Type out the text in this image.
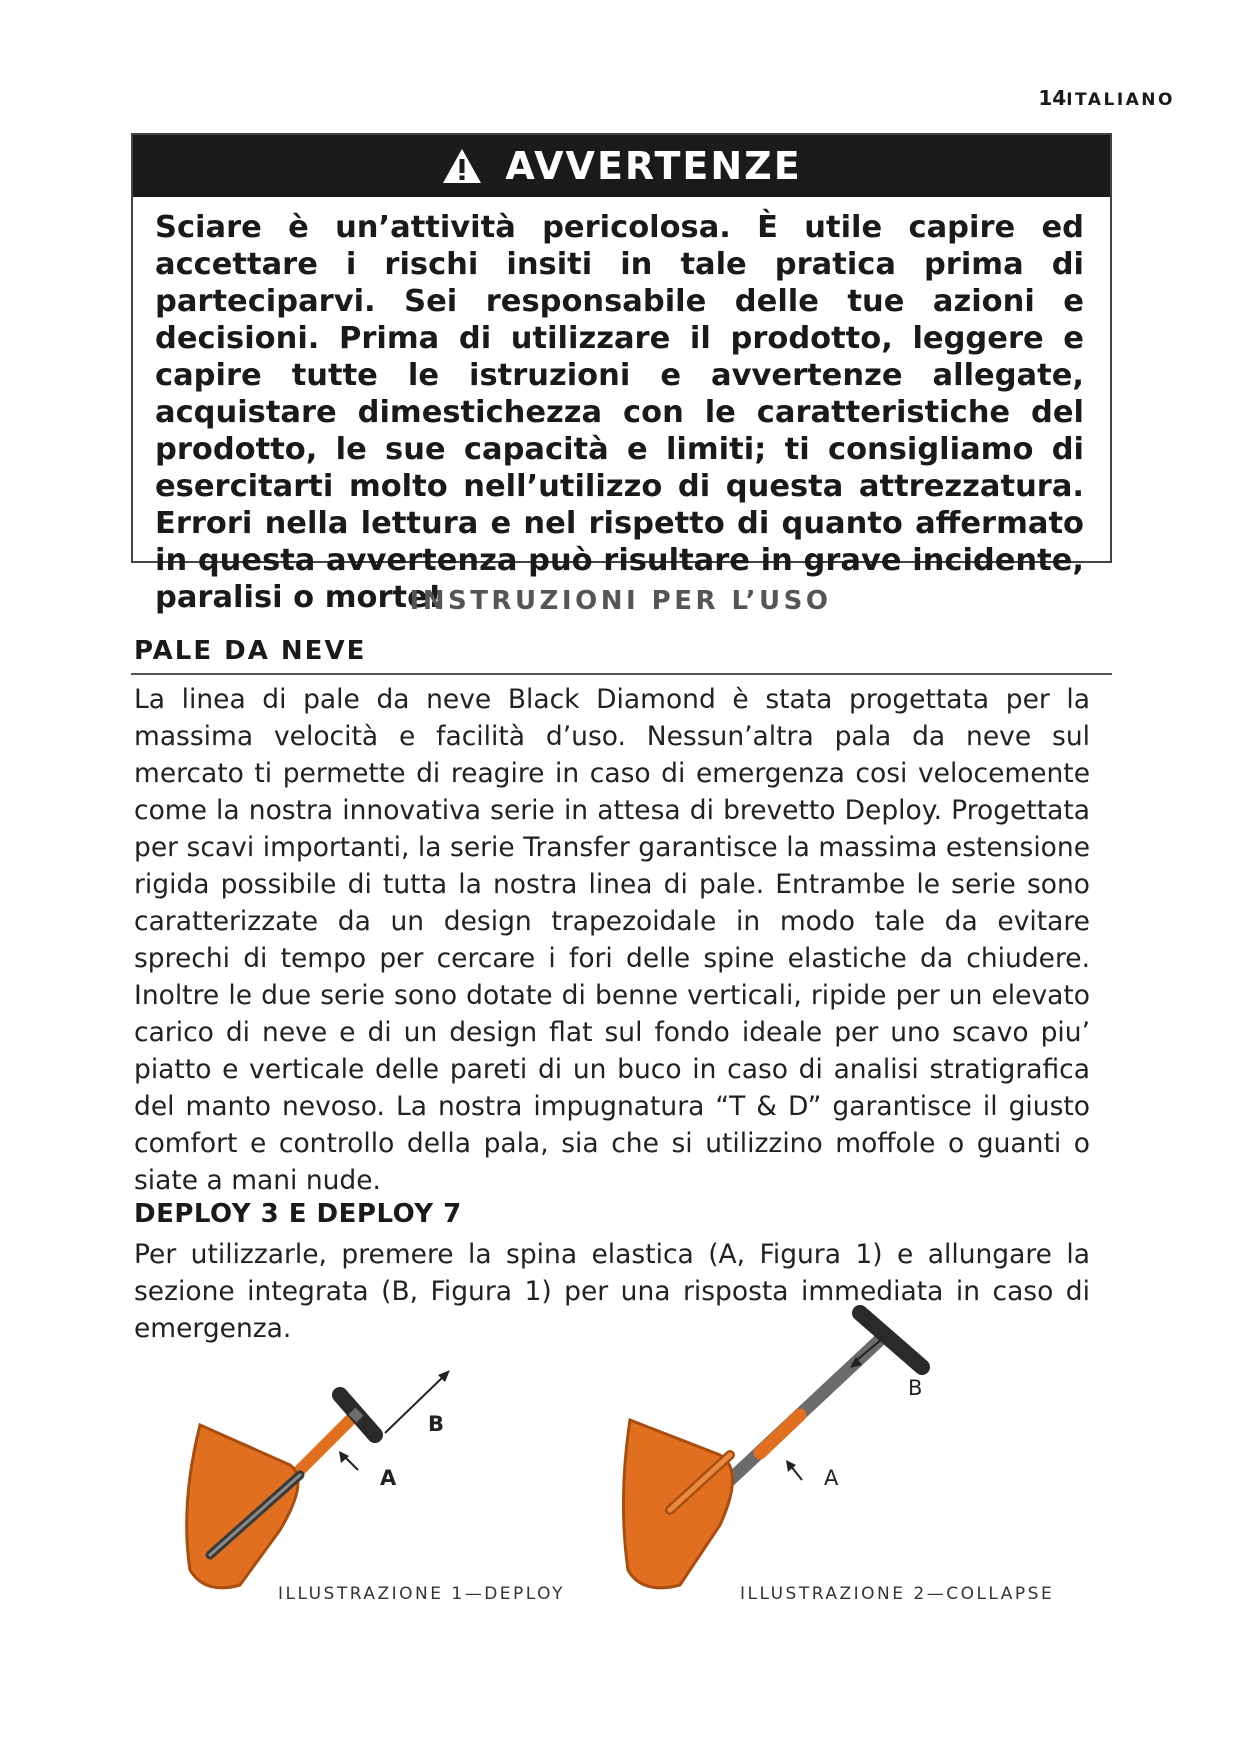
14ITALIANO
AVVERTENZE
Sciare è un’attività pericolosa. È utile capire ed accettare i rischi insiti in tale pratica prima di parteciparvi. Sei responsabile delle tue azioni e decisioni. Prima di utilizzare il prodotto, leggere e capire tutte le istruzioni e avvertenze allegate, acquistare dimestichezza con le caratteristiche del prodotto, le sue capacità e limiti; ti consigliamo di esercitarti molto nell’utilizzo di questa attrezzatura. Errori nella lettura e nel rispetto di quanto affermato in questa avvertenza può risultare in grave incidente, paralisi o morte!
INSTRUZIONI PER L’USO
PALE DA NEVE
La linea di pale da neve Black Diamond è stata progettata per la massima velocità e facilità d’uso. Nessun’altra pala da neve sul mercato ti permette di reagire in caso di emergenza cosi velocemente come la nostra innovativa serie in attesa di brevetto Deploy. Progettata per scavi importanti, la serie Transfer garantisce la massima estensione rigida possibile di tutta la nostra linea di pale. Entrambe le serie sono caratterizzate da un design trapezoidale in modo tale da evitare sprechi di tempo per cercare i fori delle spine elastiche da chiudere. Inoltre le due serie sono dotate di benne verticali, ripide per un elevato carico di neve e di un design flat sul fondo ideale per uno scavo piu’ piatto e verticale delle pareti di un buco in caso di analisi stratigrafica del manto nevoso. La nostra impugnatura “T & D” garantisce il giusto comfort e controllo della pala, sia che si utilizzino moffole o guanti o siate a mani nude.
DEPLOY 3 E DEPLOY 7
Per utilizzarle, premere la spina elastica (A, Figura 1) e allungare la sezione integrata (B, Figura 1) per una risposta immediata in caso di emergenza.
B
A
ILLUSTRAZIONE 1—DEPLOY
B
A
ILLUSTRAZIONE 2—COLLAPSE
